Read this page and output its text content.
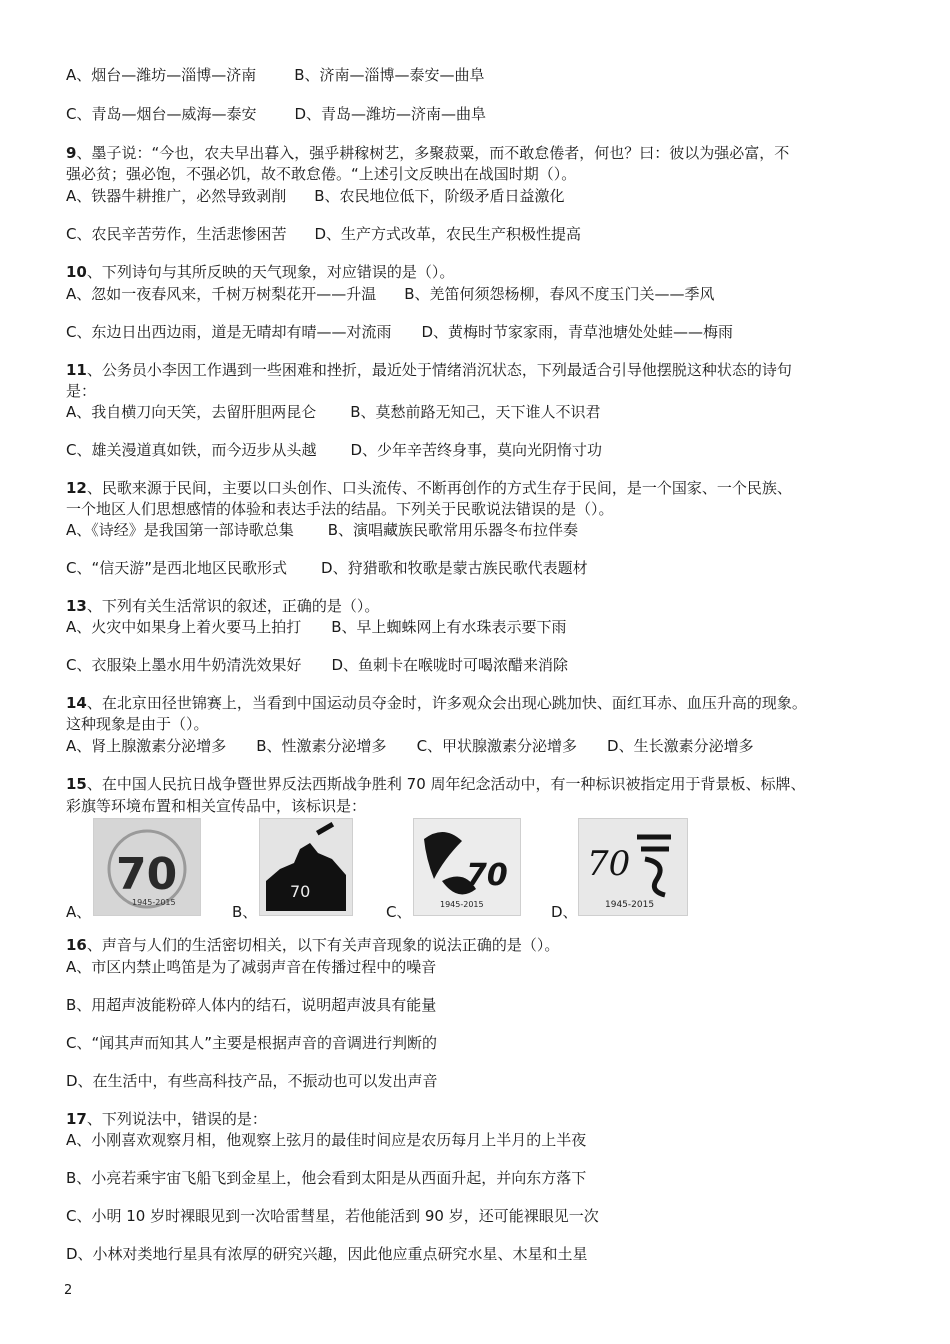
A、烟台—潍坊—淄博—济南	B、济南—淄博—泰安—曲阜
C、青岛—烟台—威海—泰安	D、青岛—潍坊—济南—曲阜
9、墨子说：“今也，农夫早出暮入，强乎耕稼树艺，多聚菽粟，而不敢怠倦者，何也？曰：彼以为强必富，不
强必贫；强必饱，不强必饥，故不敢怠倦。“上述引文反映出在战国时期（）。
A、铁器牛耕推广，必然导致剥削 B、农民地位低下，阶级矛盾日益激化
C、农民辛苦劳作，生活悲惨困苦 D、生产方式改革，农民生产积极性提高
10、下列诗句与其所反映的天气现象，对应错误的是（）。
A、忽如一夜春风来，千树万树梨花开——升温 B、羌笛何须怨杨柳，春风不度玉门关——季风
C、东边日出西边雨，道是无晴却有晴——对流雨 D、黄梅时节家家雨，青草池塘处处蛙——梅雨
11、公务员小李因工作遇到一些困难和挫折，最近处于情绪消沉状态，下列最适合引导他摆脱这种状态的诗句
是：
A、我自横刀向天笑，去留肝胆两昆仑 B、莫愁前路无知己，天下谁人不识君
C、雄关漫道真如铁，而今迈步从头越 D、少年辛苦终身事，莫向光阴惰寸功
12、民歌来源于民间，主要以口头创作、口头流传、不断再创作的方式生存于民间，是一个国家、一个民族、
一个地区人们思想感情的体验和表达手法的结晶。下列关于民歌说法错误的是（）。
A、《诗经》是我国第一部诗歌总集 B、演唱藏族民歌常用乐器冬布拉伴奏
C、“信天游”是西北地区民歌形式 D、狩猎歌和牧歌是蒙古族民歌代表题材
13、下列有关生活常识的叙述，正确的是（）。
A、火灾中如果身上着火要马上拍打 B、早上蜘蛛网上有水珠表示要下雨
C、衣服染上墨水用牛奶清洗效果好 D、鱼刺卡在喉咙时可喝浓醋来消除
14、在北京田径世锦赛上，当看到中国运动员夺金时，许多观众会出现心跳加快、面红耳赤、血压升高的现象。
这种现象是由于（）。
A、肾上腺激素分泌增多 B、性激素分泌增多 C、甲状腺激素分泌增多 D、生长激素分泌增多
15、在中国人民抗日战争暨世界反法西斯战争胜利 70 周年纪念活动中，有一种标识被指定用于背景板、标牌、
彩旗等环境布置和相关宣传品中，该标识是：
A、
70
1945-2015
B、
70
C、
70
1945-2015	D、
70
1945-2015
16、声音与人们的生活密切相关，以下有关声音现象的说法正确的是（）。
A、市区内禁止鸣笛是为了减弱声音在传播过程中的噪音
B、用超声波能粉碎人体内的结石，说明超声波具有能量
C、“闻其声而知其人”主要是根据声音的音调进行判断的
D、在生活中，有些高科技产品，不振动也可以发出声音
17、下列说法中，错误的是：
A、小刚喜欢观察月相，他观察上弦月的最佳时间应是农历每月上半月的上半夜
B、小亮若乘宇宙飞船飞到金星上，他会看到太阳是从西面升起，并向东方落下
C、小明 10 岁时裸眼见到一次哈雷彗星，若他能活到 90 岁，还可能裸眼见一次
D、小林对类地行星具有浓厚的研究兴趣，因此他应重点研究水星、木星和土星
2
